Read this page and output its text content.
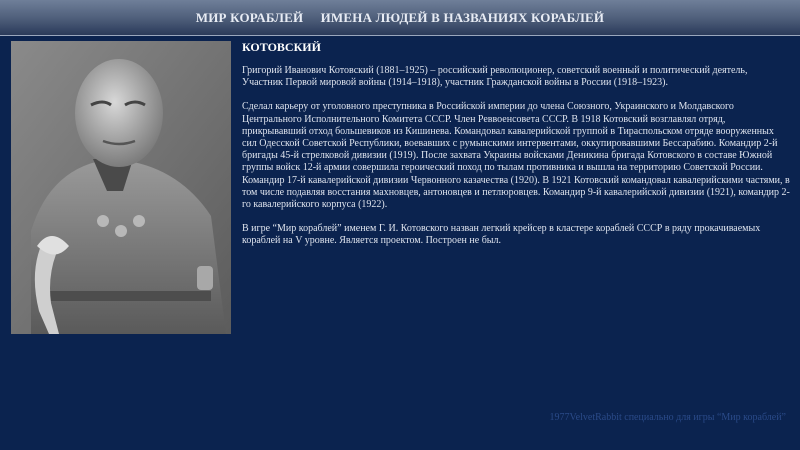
МИР КОРАБЛЕЙ     ИМЕНА ЛЮДЕЙ В НАЗВАНИЯХ КОРАБЛЕЙ
КОТОВСКИЙ

Григорий Иванович Котовский (1881–1925) – российский революционер, советский военный и политический деятель, Участник Первой мировой войны (1914–1918), участник Гражданской войны в России (1918–1923).

Сделал карьеру от уголовного преступника в Российской империи до члена Союзного, Украинского и Молдавского Центрального Исполнительного Комитета СССР. Член Реввоенсовета СССР. В 1918 Котовский возглавлял отряд, прикрывавший отход большевиков из Кишинева. Командовал кавалерийской группой в Тираспольском отряде вооруженных сил Одесской Советской Республики, воевавших с румынскими интервентами, оккупировавшими Бессарабию. Командир 2-й бригады 45-й стрелковой дивизии (1919). После захвата Украины войсками Деникина бригада Котовского в составе Южной группы войск 12-й армии совершила героический поход по тылам противника и вышла на территорию Советской России. Командир 17-й кавалерийской дивизии Червонного казачества (1920). В 1921 Котовский командовал кавалерийскими частями, в том числе подавляя восстания махновцев, антоновцев и петлюровцев. Командир 9-й кавалерийской дивизии (1921), командир 2-го кавалерийского корпуса (1922).

В игре “Мир кораблей” именем Г. И. Котовского назван легкий крейсер в кластере кораблей СССР в ряду прокачиваемых кораблей на V уровне. Является проектом. Построен не был.

1977VelvetRabbit специально для игры “Мир кораблей”
